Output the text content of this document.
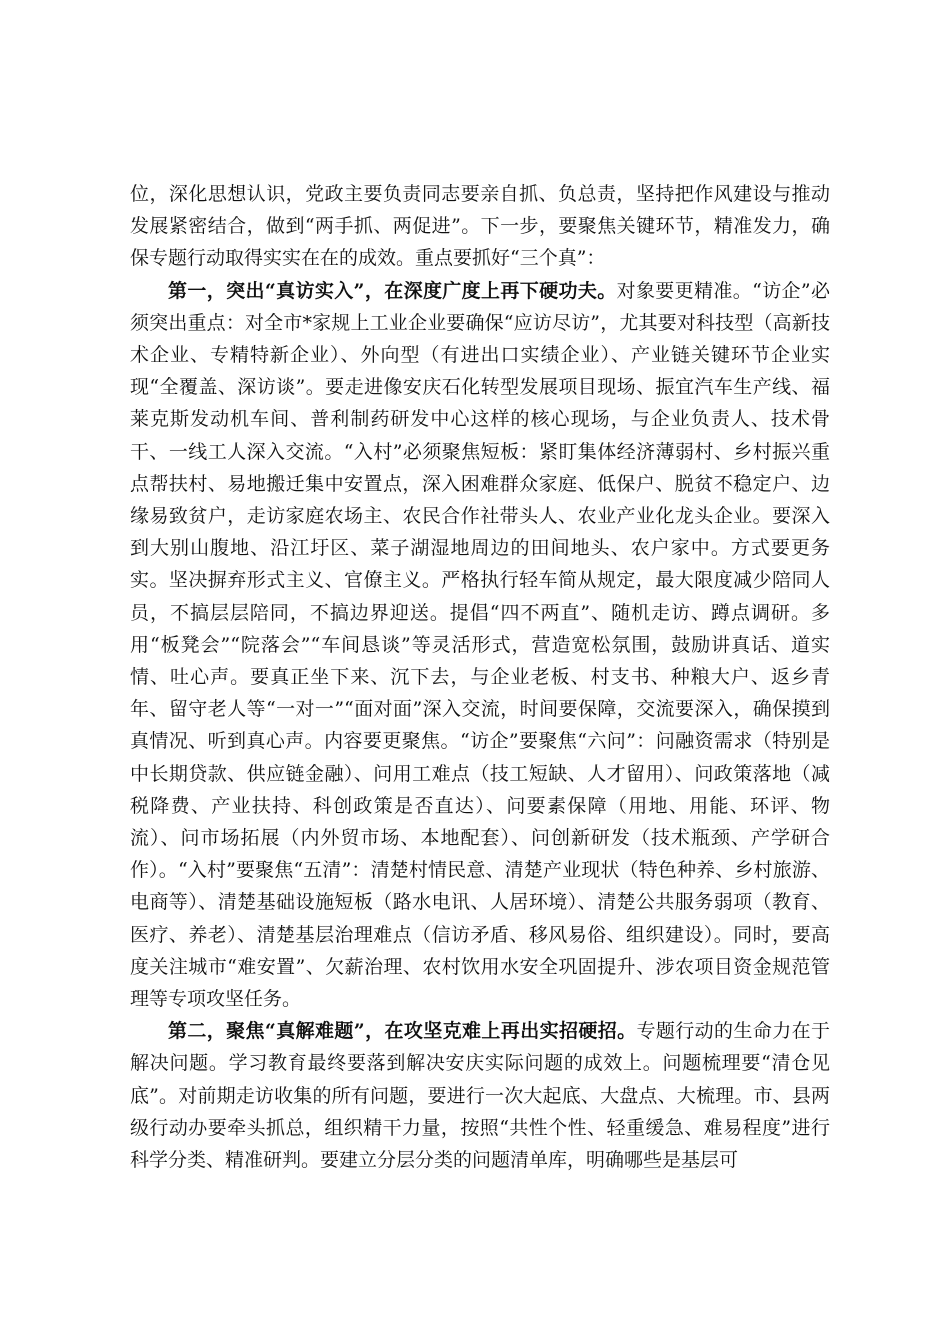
位，深化思想认识，党政主要负责同志要亲自抓、负总责，坚持把作风建设与推动发展紧密结合，做到“两手抓、两促进”。下一步，要聚焦关键环节，精准发力，确保专题行动取得实实在在的成效。重点要抓好“三个真”：

第一，突出“真访实入”，在深度广度上再下硬功夫。对象要更精准。“访企”必须突出重点：对全市*家规上工业企业要确保“应访尽访”，尤其要对科技型（高新技术企业、专精特新企业）、外向型（有进出口实绩企业）、产业链关键环节企业实现“全覆盖、深访谈”。要走进像安庆石化转型发展项目现场、振宜汽车生产线、福莱克斯发动机车间、普利制药研发中心这样的核心现场，与企业负责人、技术骨干、一线工人深入交流。“入村”必须聚焦短板：紧盯集体经济薄弱村、乡村振兴重点帮扶村、易地搬迁集中安置点，深入困难群众家庭、低保户、脱贫不稳定户、边缘易致贫户，走访家庭农场主、农民合作社带头人、农业产业化龙头企业。要深入到大别山腹地、沿江圩区、菜子湖湿地周边的田间地头、农户家中。方式要更务实。坚决摒弃形式主义、官僚主义。严格执行轻车简从规定，最大限度减少陪同人员，不搞层层陪同，不搞边界迎送。提倡“四不两直”、随机走访、蹲点调研。多用“板凳会”“院落会”“车间恳谈”等灵活形式，营造宽松氛围，鼓励讲真话、道实情、吐心声。要真正坐下来、沉下去，与企业老板、村支书、种粮大户、返乡青年、留守老人等“一对一”“面对面”深入交流，时间要保障，交流要深入，确保摸到真情况、听到真心声。内容要更聚焦。“访企”要聚焦“六问”：问融资需求（特别是中长期贷款、供应链金融）、问用工难点（技工短缺、人才留用）、问政策落地（减税降费、产业扶持、科创政策是否直达）、问要素保障（用地、用能、环评、物流）、问市场拓展（内外贸市场、本地配套）、问创新研发（技术瓶颈、产学研合作）。“入村”要聚焦“五清”：清楚村情民意、清楚产业现状（特色种养、乡村旅游、电商等）、清楚基础设施短板（路水电讯、人居环境）、清楚公共服务弱项（教育、医疗、养老）、清楚基层治理难点（信访矛盾、移风易俗、组织建设）。同时，要高度关注城市“难安置”、欠薪治理、农村饮用水安全巩固提升、涉农项目资金规范管理等专项攻坚任务。

第二，聚焦“真解难题”，在攻坚克难上再出实招硬招。专题行动的生命力在于解决问题。学习教育最终要落到解决安庆实际问题的成效上。问题梳理要“清仓见底”。对前期走访收集的所有问题，要进行一次大起底、大盘点、大梳理。市、县两级行动办要牵头抓总，组织精干力量，按照“共性个性、轻重缓急、难易程度”进行科学分类、精准研判。要建立分层分类的问题清单库，明确哪些是基层可
